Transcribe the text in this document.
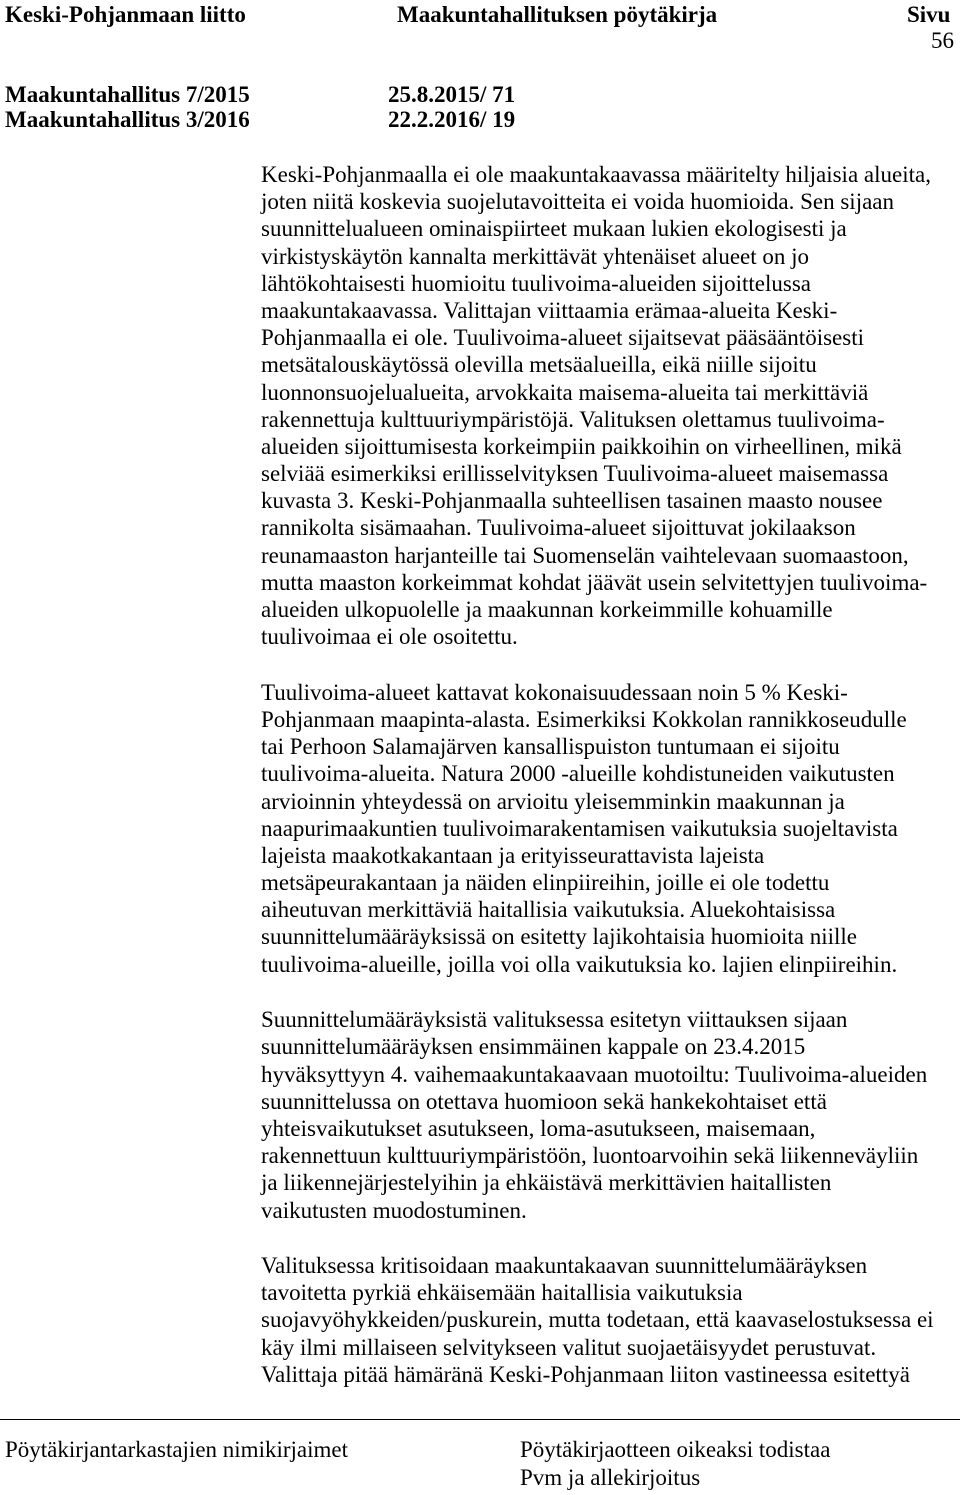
Keski-Pohjanmaan liitto	Maakuntahallituksen pöytäkirja	Sivu
56
Maakuntahallitus 7/2015	25.8.2015/ 71
Maakuntahallitus 3/2016	22.2.2016/ 19
Keski-Pohjanmaalla ei ole maakuntakaavassa määritelty hiljaisia alueita,
joten niitä koskevia suojelutavoitteita ei voida huomioida. Sen sijaan
suunnittelualueen ominaispiirteet mukaan lukien ekologisesti ja
virkistyskäytön kannalta merkittävät yhtenäiset alueet on jo
lähtökohtaisesti huomioitu tuulivoima-alueiden sijoittelussa
maakuntakaavassa. Valittajan viittaamia erämaa-alueita Keski-
Pohjanmaalla ei ole. Tuulivoima-alueet sijaitsevat pääsääntöisesti
metsätalouskäytössä olevilla metsäalueilla, eikä niille sijoitu
luonnonsuojelualueita, arvokkaita maisema-alueita tai merkittäviä
rakennettuja kulttuuriympäristöjä. Valituksen olettamus tuulivoima-
alueiden sijoittumisesta korkeimpiin paikkoihin on virheellinen, mikä
selviää esimerkiksi erillisselvityksen Tuulivoima-alueet maisemassa
kuvasta 3. Keski-Pohjanmaalla suhteellisen tasainen maasto nousee
rannikolta sisämaahan. Tuulivoima-alueet sijoittuvat jokilaakson
reunamaaston harjanteille tai Suomenselän vaihtelevaan suomaastoon,
mutta maaston korkeimmat kohdat jäävät usein selvitettyjen tuulivoima-
alueiden ulkopuolelle ja maakunnan korkeimmille kohuamille
tuulivoimaa ei ole osoitettu.
Tuulivoima-alueet kattavat kokonaisuudessaan noin 5 % Keski-
Pohjanmaan maapinta-alasta. Esimerkiksi Kokkolan rannikkoseudulle
tai Perhoon Salamajärven kansallispuiston tuntumaan ei sijoitu
tuulivoima-alueita. Natura 2000 -alueille kohdistuneiden vaikutusten
arvioinnin yhteydessä on arvioitu yleisemminkin maakunnan ja
naapurimaakuntien tuulivoimarakentamisen vaikutuksia suojeltavista
lajeista maakotkakantaan ja erityisseurattavista lajeista
metsäpeurakantaan ja näiden elinpiireihin, joille ei ole todettu
aiheutuvan merkittäviä haitallisia vaikutuksia. Aluekohtaisissa
suunnittelumääräyksissä on esitetty lajikohtaisia huomioita niille
tuulivoima-alueille, joilla voi olla vaikutuksia ko. lajien elinpiireihin.
Suunnittelumääräyksistä valituksessa esitetyn viittauksen sijaan
suunnittelumääräyksen ensimmäinen kappale on 23.4.2015
hyväksyttyyn 4. vaihemaakuntakaavaan muotoiltu: Tuulivoima-alueiden
suunnittelussa on otettava huomioon sekä hankekohtaiset että
yhteisvaikutukset asutukseen, loma-asutukseen, maisemaan,
rakennettuun kulttuuriympäristöön, luontoarvoihin sekä liikenneväyliin
ja liikennejärjestelyihin ja ehkäistävä merkittävien haitallisten
vaikutusten muodostuminen.
Valituksessa kritisoidaan maakuntakaavan suunnittelumääräyksen
tavoitetta pyrkiä ehkäisemään haitallisia vaikutuksia
suojavyöhykkeiden/puskurein, mutta todetaan, että kaavaselostuksessa ei
käy ilmi millaiseen selvitykseen valitut suojaetäisyydet perustuvat.
Valittaja pitää hämäränä Keski-Pohjanmaan liiton vastineessa esitettyä
Pöytäkirjantarkastajien nimikirjaimet	Pöytäkirjaotteen oikeaksi todistaa
Pvm ja allekirjoitus
